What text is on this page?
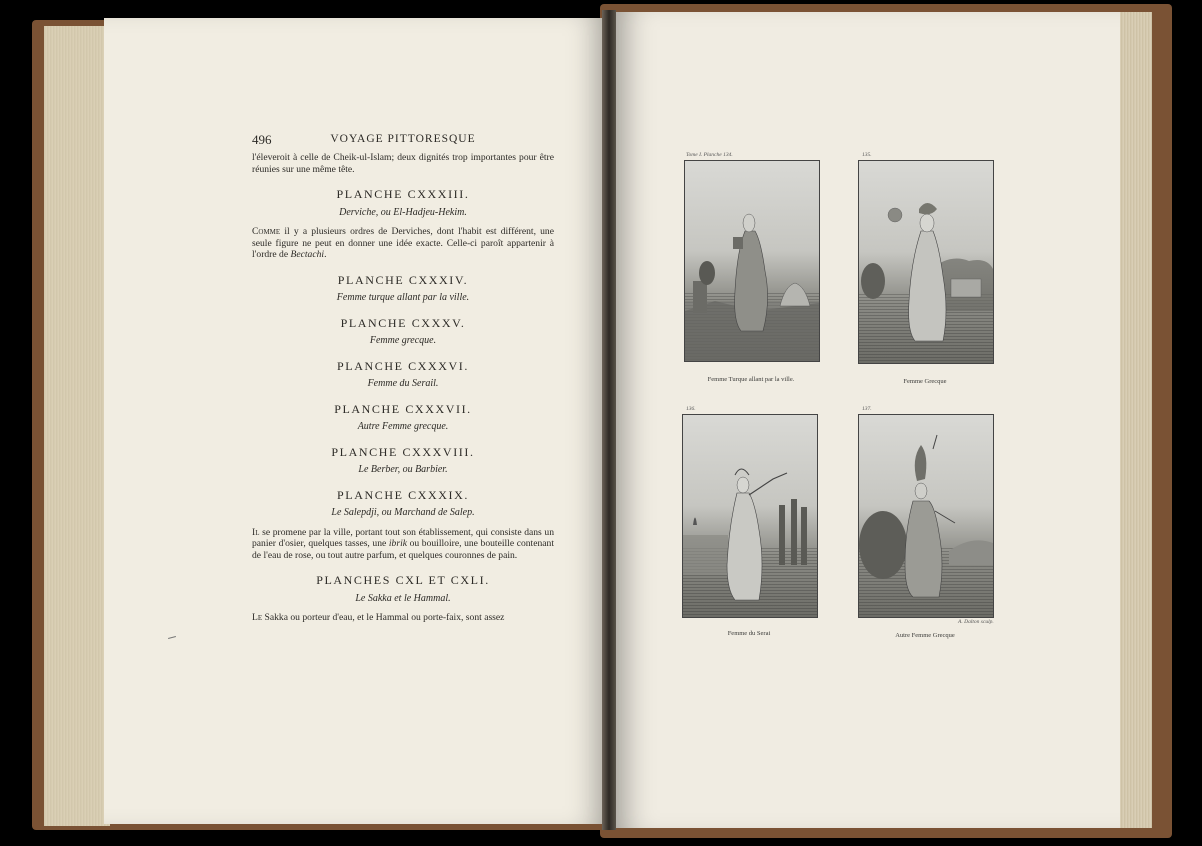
496	VOYAGE PITTORESQUE

l'éleveroit à celle de Cheik-ul-Islam; deux dignités trop importantes pour être réunies sur une même tête.

PLANCHE CXXXIII.
Derviche, ou El-Hadjeu-Hekim.

Comme il y a plusieurs ordres de Derviches, dont l'habit est différent, une seule figure ne peut en donner une idée exacte. Celle-ci paroît appartenir à l'ordre de Bectachi.

PLANCHE CXXXIV.
Femme turque allant par la ville.
PLANCHE CXXXV.
Femme grecque.
PLANCHE CXXXVI.
Femme du Serail.
PLANCHE CXXXVII.
Autre Femme grecque.
PLANCHE CXXXVIII.
Le Berber, ou Barbier.
PLANCHE CXXXIX.
Le Salepdji, ou Marchand de Salep.

Il se promene par la ville, portant tout son établissement, qui consiste dans un panier d'osier, quelques tasses, une ibrik ou bouilloire, une bouteille contenant de l'eau de rose, ou tout autre parfum, et quelques couronnes de pain.

PLANCHES CXL ET CXLI.
Le Sakka et le Hammal.

Le Sakka ou porteur d'eau, et le Hammal ou porte-faix, sont assez

Tome I. Planche 134.
Femme Turque allant par la ville.
135.
Femme Grecque
136.
Femme du Serai
137.
A. Dalton sculp.
Autre Femme Grecque
